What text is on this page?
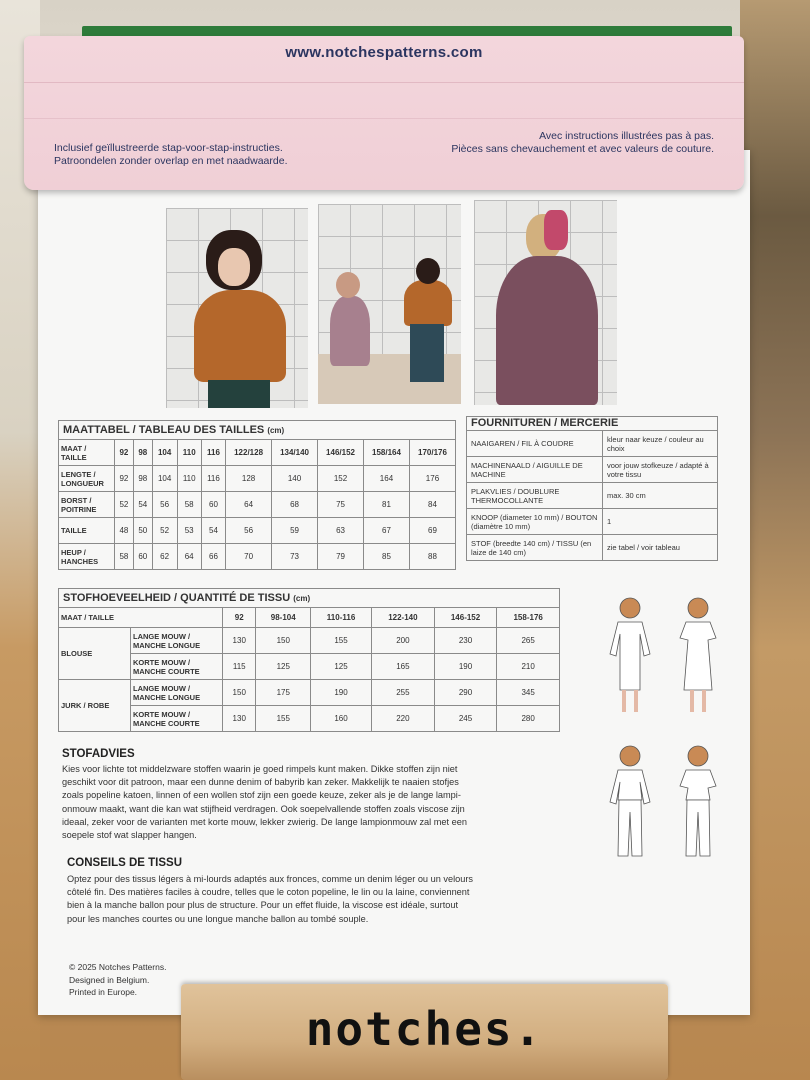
www.notchespatterns.com
Inclusief geïllustreerde stap-voor-stap-instructies.
Patroondelen zonder overlap en met naadwaarde.
Avec instructions illustrées pas à pas.
Pièces sans chevauchement et avec valeurs de couture.
MAATTABEL / TABLEAU DES TAILLES (cm)										
MAAT / TAILLE	92	98	104	110	116	122/128	134/140	146/152	158/164	170/176
LENGTE / LONGUEUR	92	98	104	110	116	128	140	152	164	176
BORST / POITRINE	52	54	56	58	60	64	68	75	81	84
TAILLE	48	50	52	53	54	56	59	63	67	69
HEUP / HANCHES	58	60	62	64	66	70	73	79	85	88
FOURNITUREN / MERCERIE	
NAAIGAREN / FIL À COUDRE	kleur naar keuze / couleur au choix
MACHINENAALD / AIGUILLE DE MACHINE	voor jouw stofkeuze / adapté à votre tissu
PLAKVLIES / DOUBLURE THERMOCOLLANTE	max. 30 cm
KNOOP (diameter 10 mm) / BOUTON (diamètre 10 mm)	1
STOF (breedte 140 cm) / TISSU (en laize de 140 cm)	zie tabel / voir tableau
STOFHOEVEELHEID / QUANTITÉ DE TISSU (cm)							
MAAT / TAILLE		92	98-104	110-116	122-140	146-152	158-176
BLOUSE	LANGE MOUW / MANCHE LONGUE	130	150	155	200	230	265
	KORTE MOUW / MANCHE COURTE	115	125	125	165	190	210
JURK / ROBE	LANGE MOUW / MANCHE LONGUE	150	175	190	255	290	345
	KORTE MOUW / MANCHE COURTE	130	155	160	220	245	280
STOFADVIES
Kies voor lichte tot middelzware stoffen waarin je goed rimpels kunt maken. Dikke stoffen zijn niet
geschikt voor dit patroon, maar een dunne denim of babyrib kan zeker. Makkelijk te naaien stofjes
zoals popeline katoen, linnen of een wollen stof zijn een goede keuze, zeker als je de lange lampi-
onmouw maakt, want die kan wat stijfheid verdragen. Ook soepelvallende stoffen zoals viscose zijn
ideaal, zeker voor de varianten met korte mouw, lekker zwierig. De lange lampionmouw zal met een
soepele stof wat slapper hangen.
CONSEILS DE TISSU
Optez pour des tissus légers à mi-lourds adaptés aux fronces, comme un denim léger ou un velours
côtelé fin. Des matières faciles à coudre, telles que le coton popeline, le lin ou la laine, conviennent
bien à la manche ballon pour plus de structure. Pour un effet fluide, la viscose est idéale, surtout
pour les manches courtes ou une longue manche ballon au tombé souple.
© 2025 Notches Patterns.
Designed in Belgium.
Printed in Europe.
notches.
